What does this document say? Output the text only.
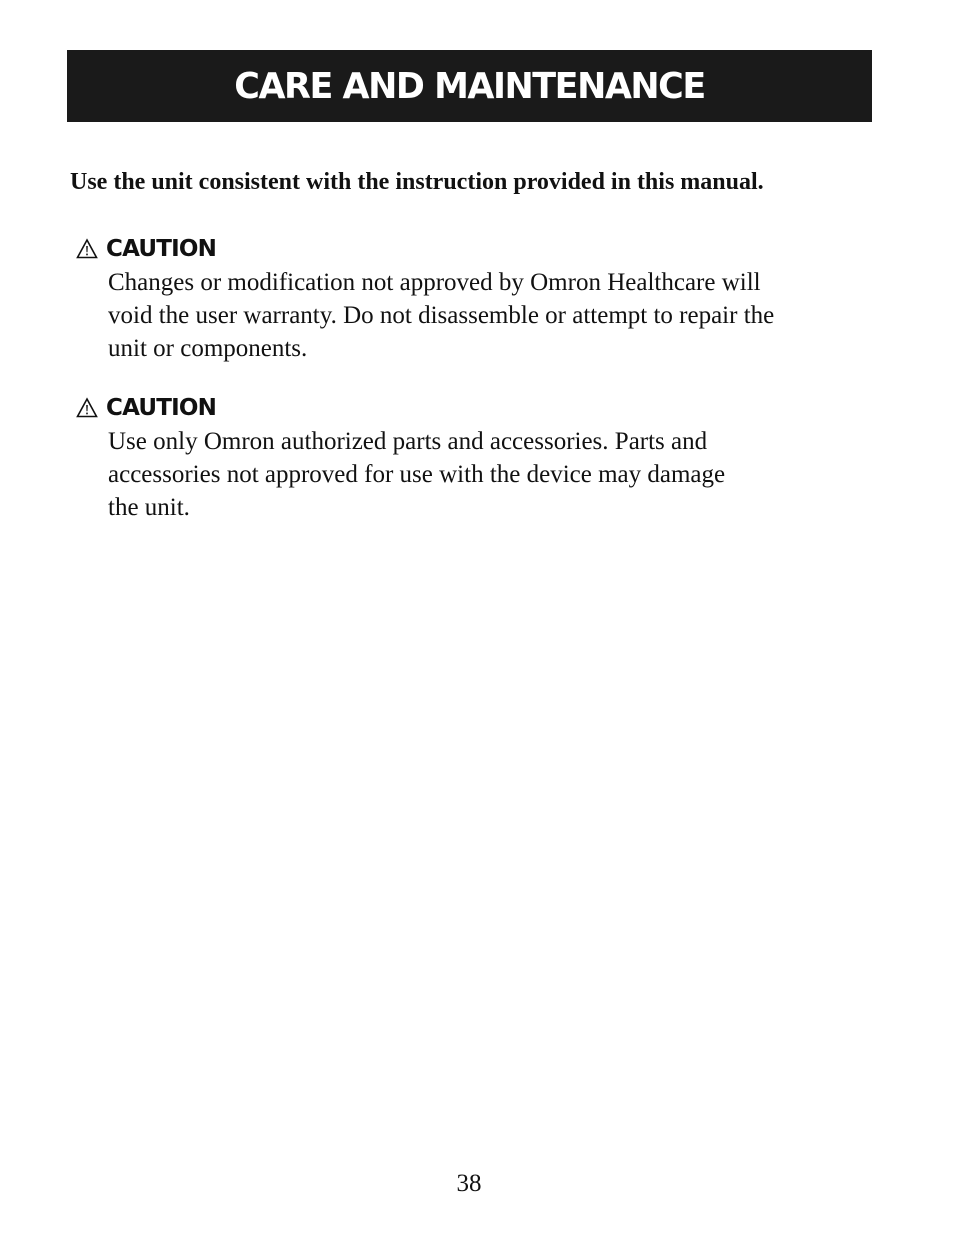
CARE AND MAINTENANCE
Use the unit consistent with the instruction provided in this manual.
CAUTION
Changes or modification not approved by Omron Healthcare will
void the user warranty. Do not disassemble or attempt to repair the
unit or components.
CAUTION
Use only Omron authorized parts and accessories. Parts and
accessories not approved for use with the device may damage
the unit.
38
